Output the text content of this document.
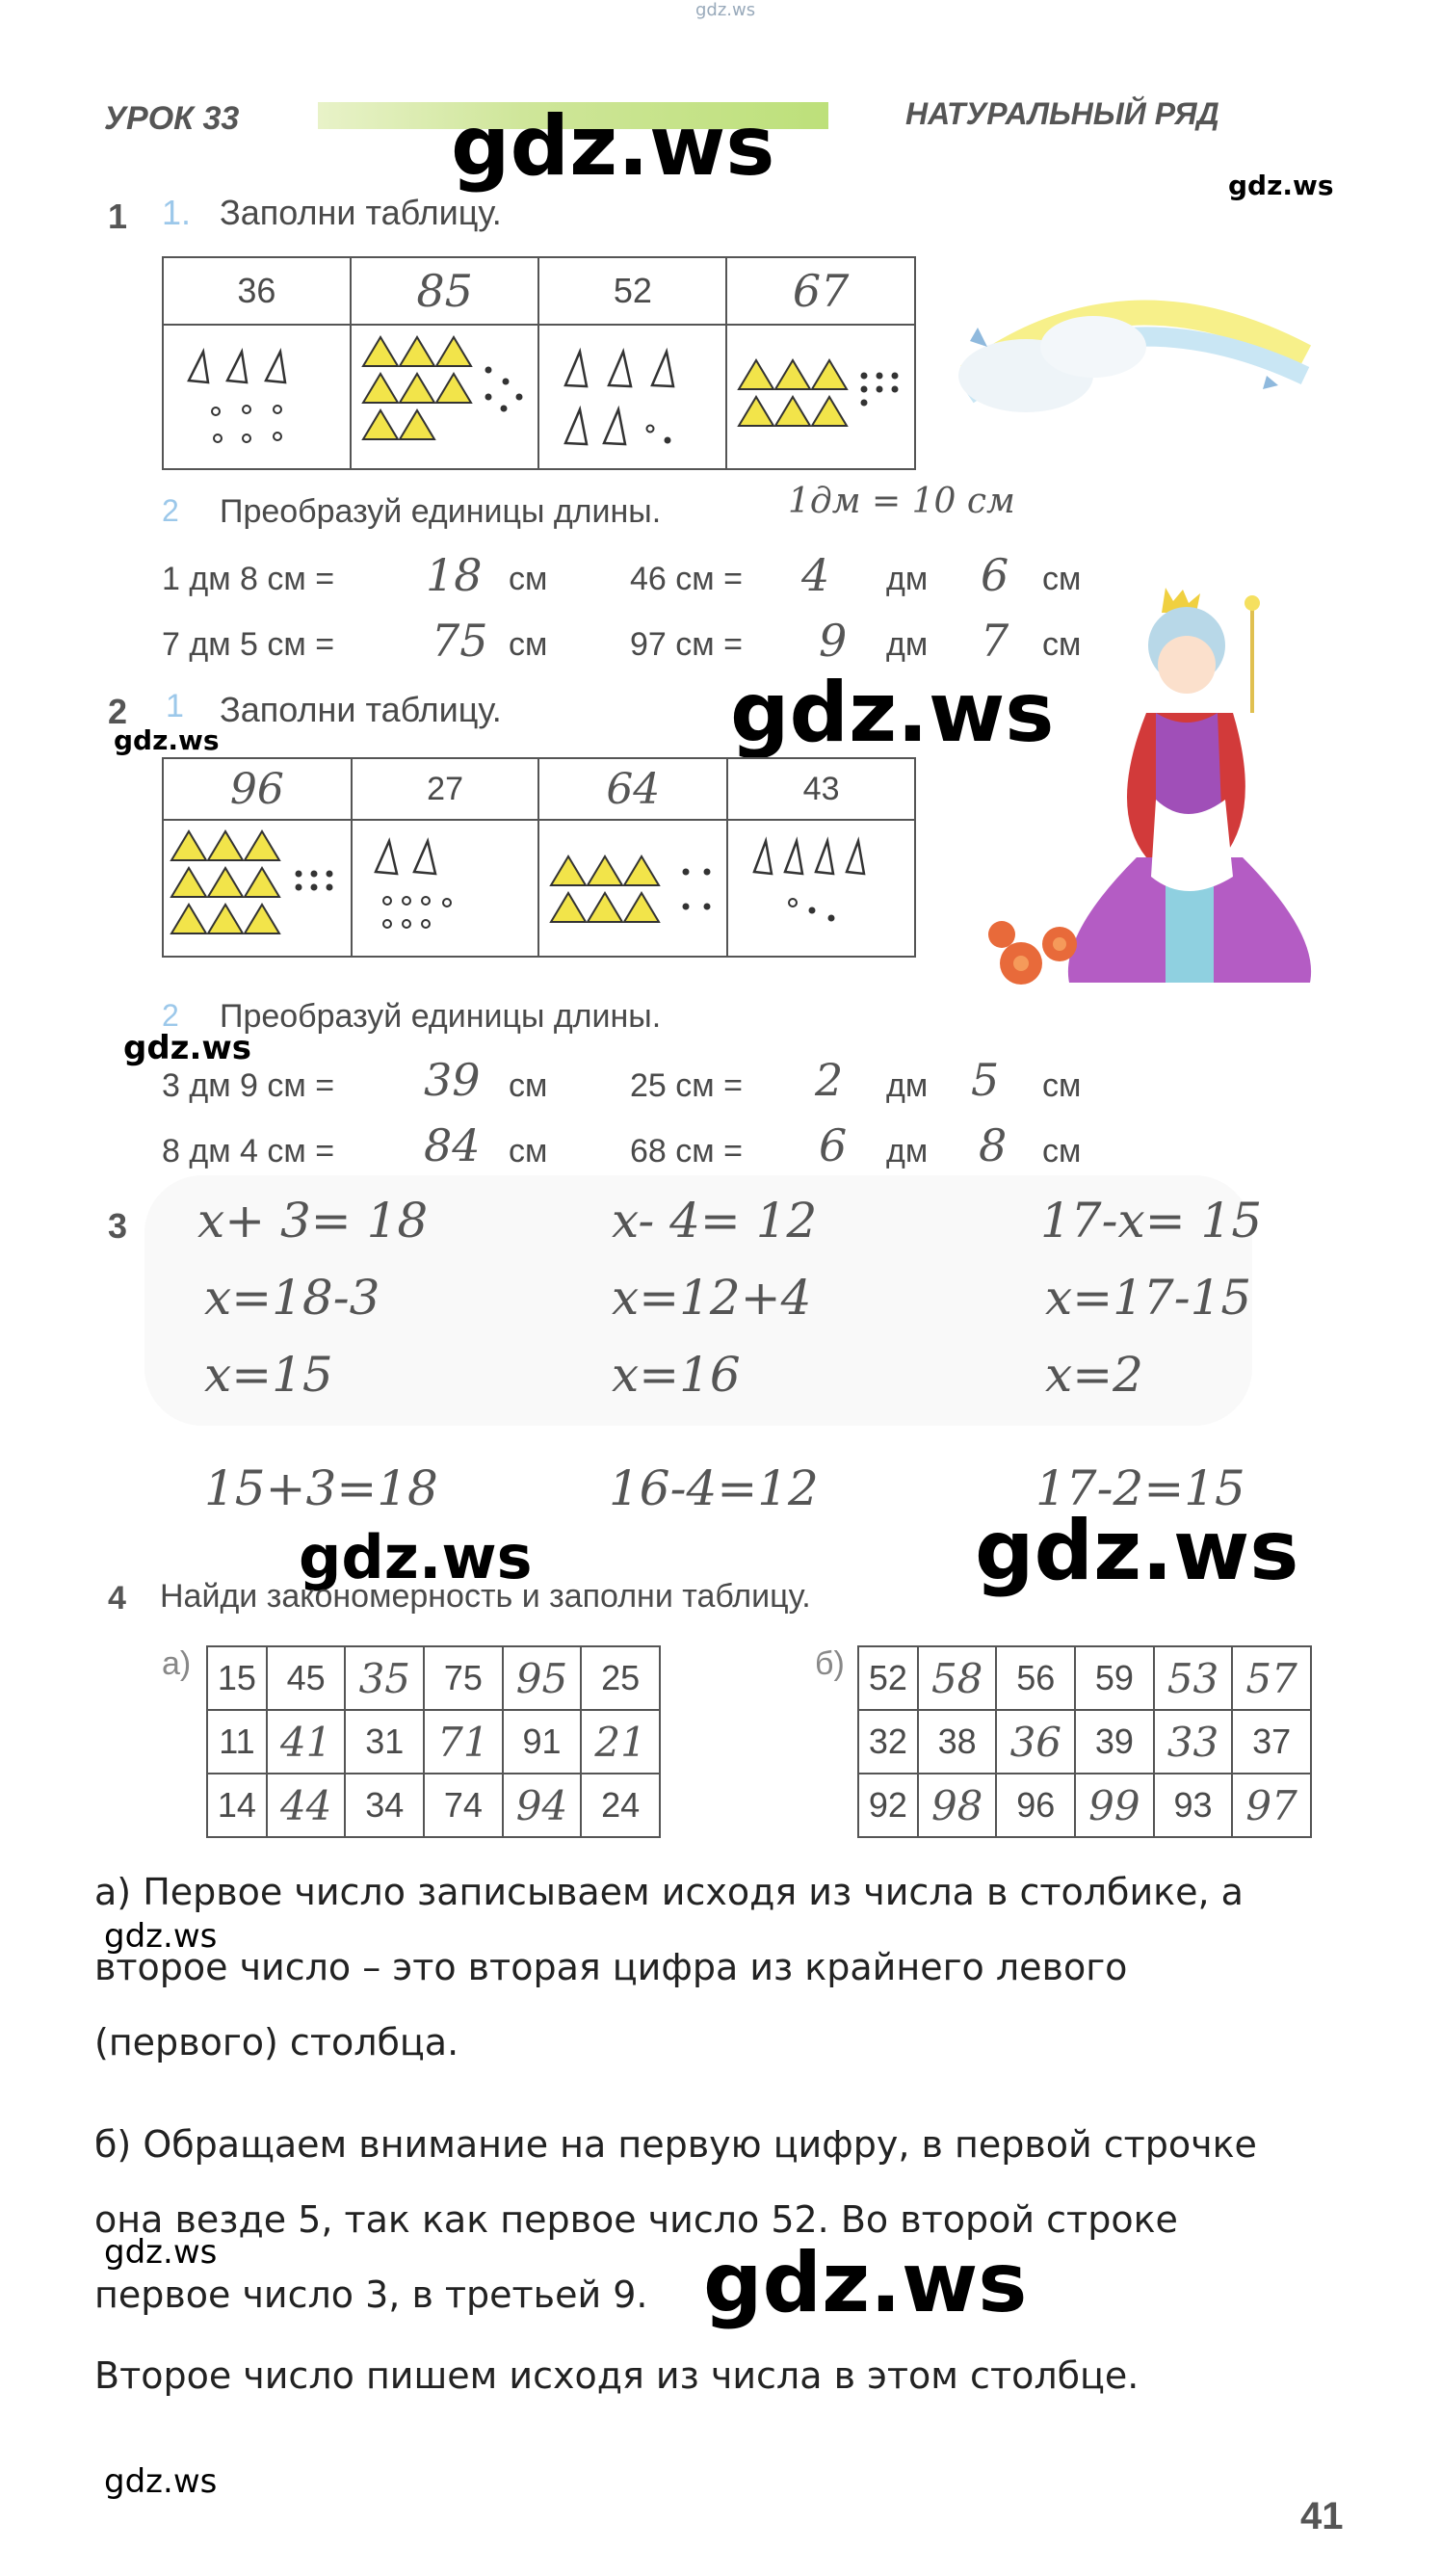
gdz.ws
УРОК 33	НАТУРАЛЬНЫЙ РЯД
gdz.ws	gdz.ws
1 1. Заполни таблицу.
36	85	52	67

2 Преобразуй единицы длины.	1дм = 10 см
1 дм 8 см = 18 см	46 см = 4 дм 6 см
7 дм 5 см = 75 см	97 см = 9 дм 7 см
2
gdz.ws
1 Заполни таблицу.	gdz.ws
96	27	64	43

2 Преобразуй единицы длины.
gdz.ws
3 дм 9 см = 39 см	25 см = 2 дм 5 см
8 дм 4 см = 84 см	68 см = 6 дм 8 см
3 x+ 3= 18
x=18-3
x=15
15+3=18
x- 4= 12
x=12+4
x=16
16-4=12
17-x= 15
x=17-15
x=2
17-2=15
gdz.ws	gdz.ws
4 Найди закономерность и заполни таблицу.
а) 15	45	35	75	95	25
11	41	31	71	91	21
14	44	34	74	94	24
б) 52	58	56	59	53	57
32	38	36	39	33	37
92	98	96	99	93	97
а) Первое число записываем исходя из числа в столбике, а
gdz.ws
второе число – это вторая цифра из крайнего левого
(первого) столбца.
б) Обращаем внимание на первую цифру, в первой строчке
она везде 5, так как первое число 52. Во второй строке
gdz.ws
первое число 3, в третьей 9. gdz.ws
Второе число пишем исходя из числа в этом столбце.
gdz.ws
41
